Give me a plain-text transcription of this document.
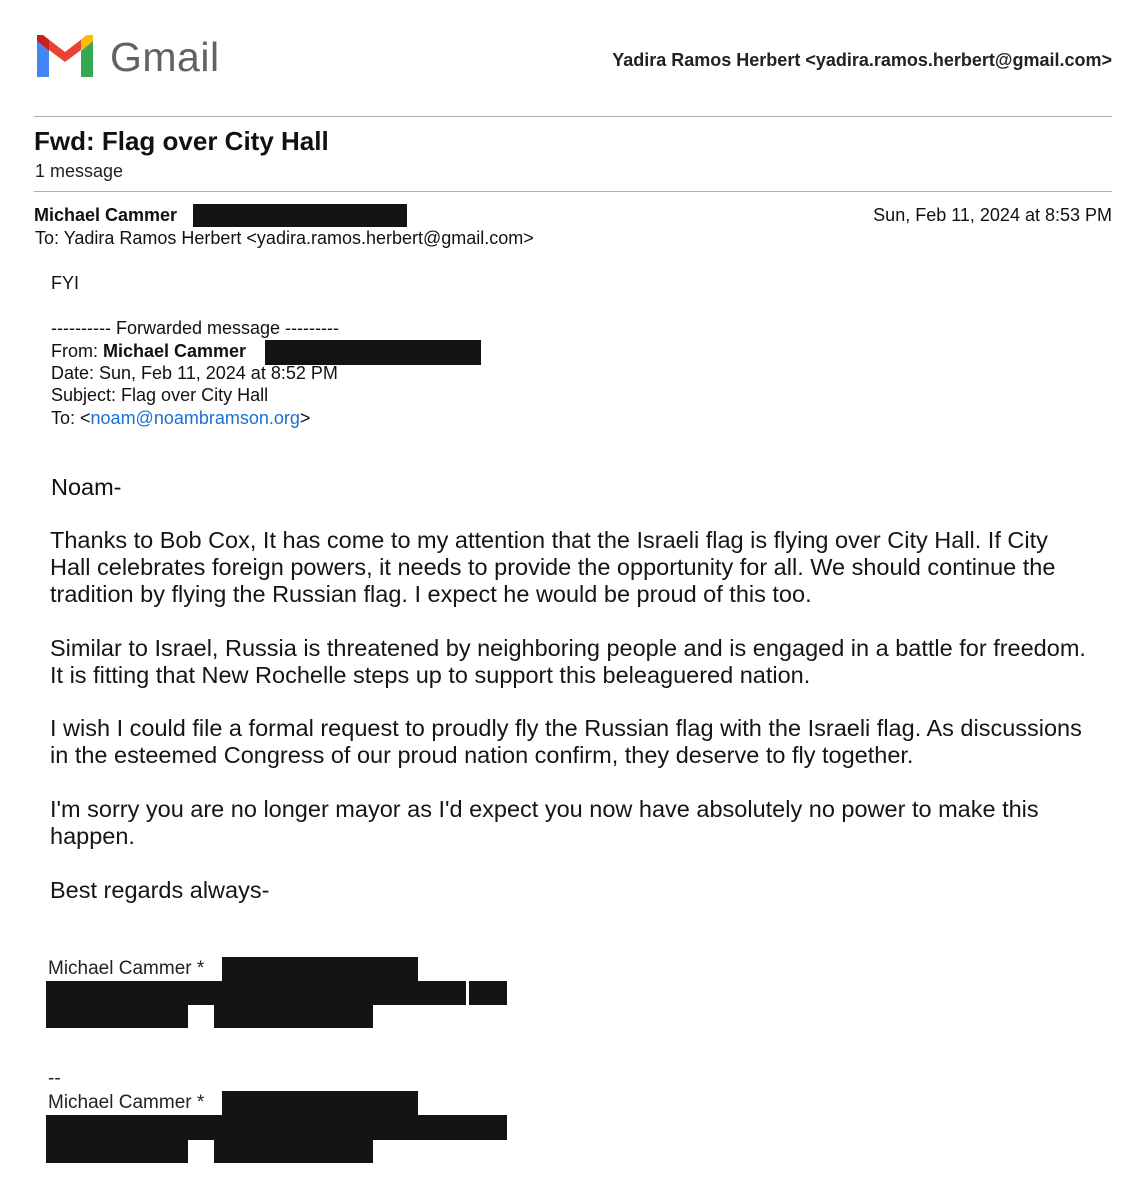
Gmail	Yadira Ramos Herbert <yadira.ramos.herbert@gmail.com>
Fwd: Flag over City Hall
1 message
Michael Cammer	Sun, Feb 11, 2024 at 8:53 PM
To: Yadira Ramos Herbert <yadira.ramos.herbert@gmail.com>
FYI
---------- Forwarded message ---------
From: Michael Cammer
Date: Sun, Feb 11, 2024 at 8:52 PM
Subject: Flag over City Hall
To: <noam@noambramson.org>
Noam-
Thanks to Bob Cox, It has come to my attention that the Israeli flag is flying over City Hall. If City Hall celebrates foreign powers, it needs to provide the opportunity for all. We should continue the tradition by flying the Russian flag. I expect he would be proud of this too.
Similar to Israel, Russia is threatened by neighboring people and is engaged in a battle for freedom. It is fitting that New Rochelle steps up to support this beleaguered nation.
I wish I could file a formal request to proudly fly the Russian flag with the Israeli flag. As discussions in the esteemed Congress of our proud nation confirm, they deserve to fly together.
I'm sorry you are no longer mayor as I'd expect you now have absolutely no power to make this happen.
Best regards always-
Michael Cammer *
--
Michael Cammer *
